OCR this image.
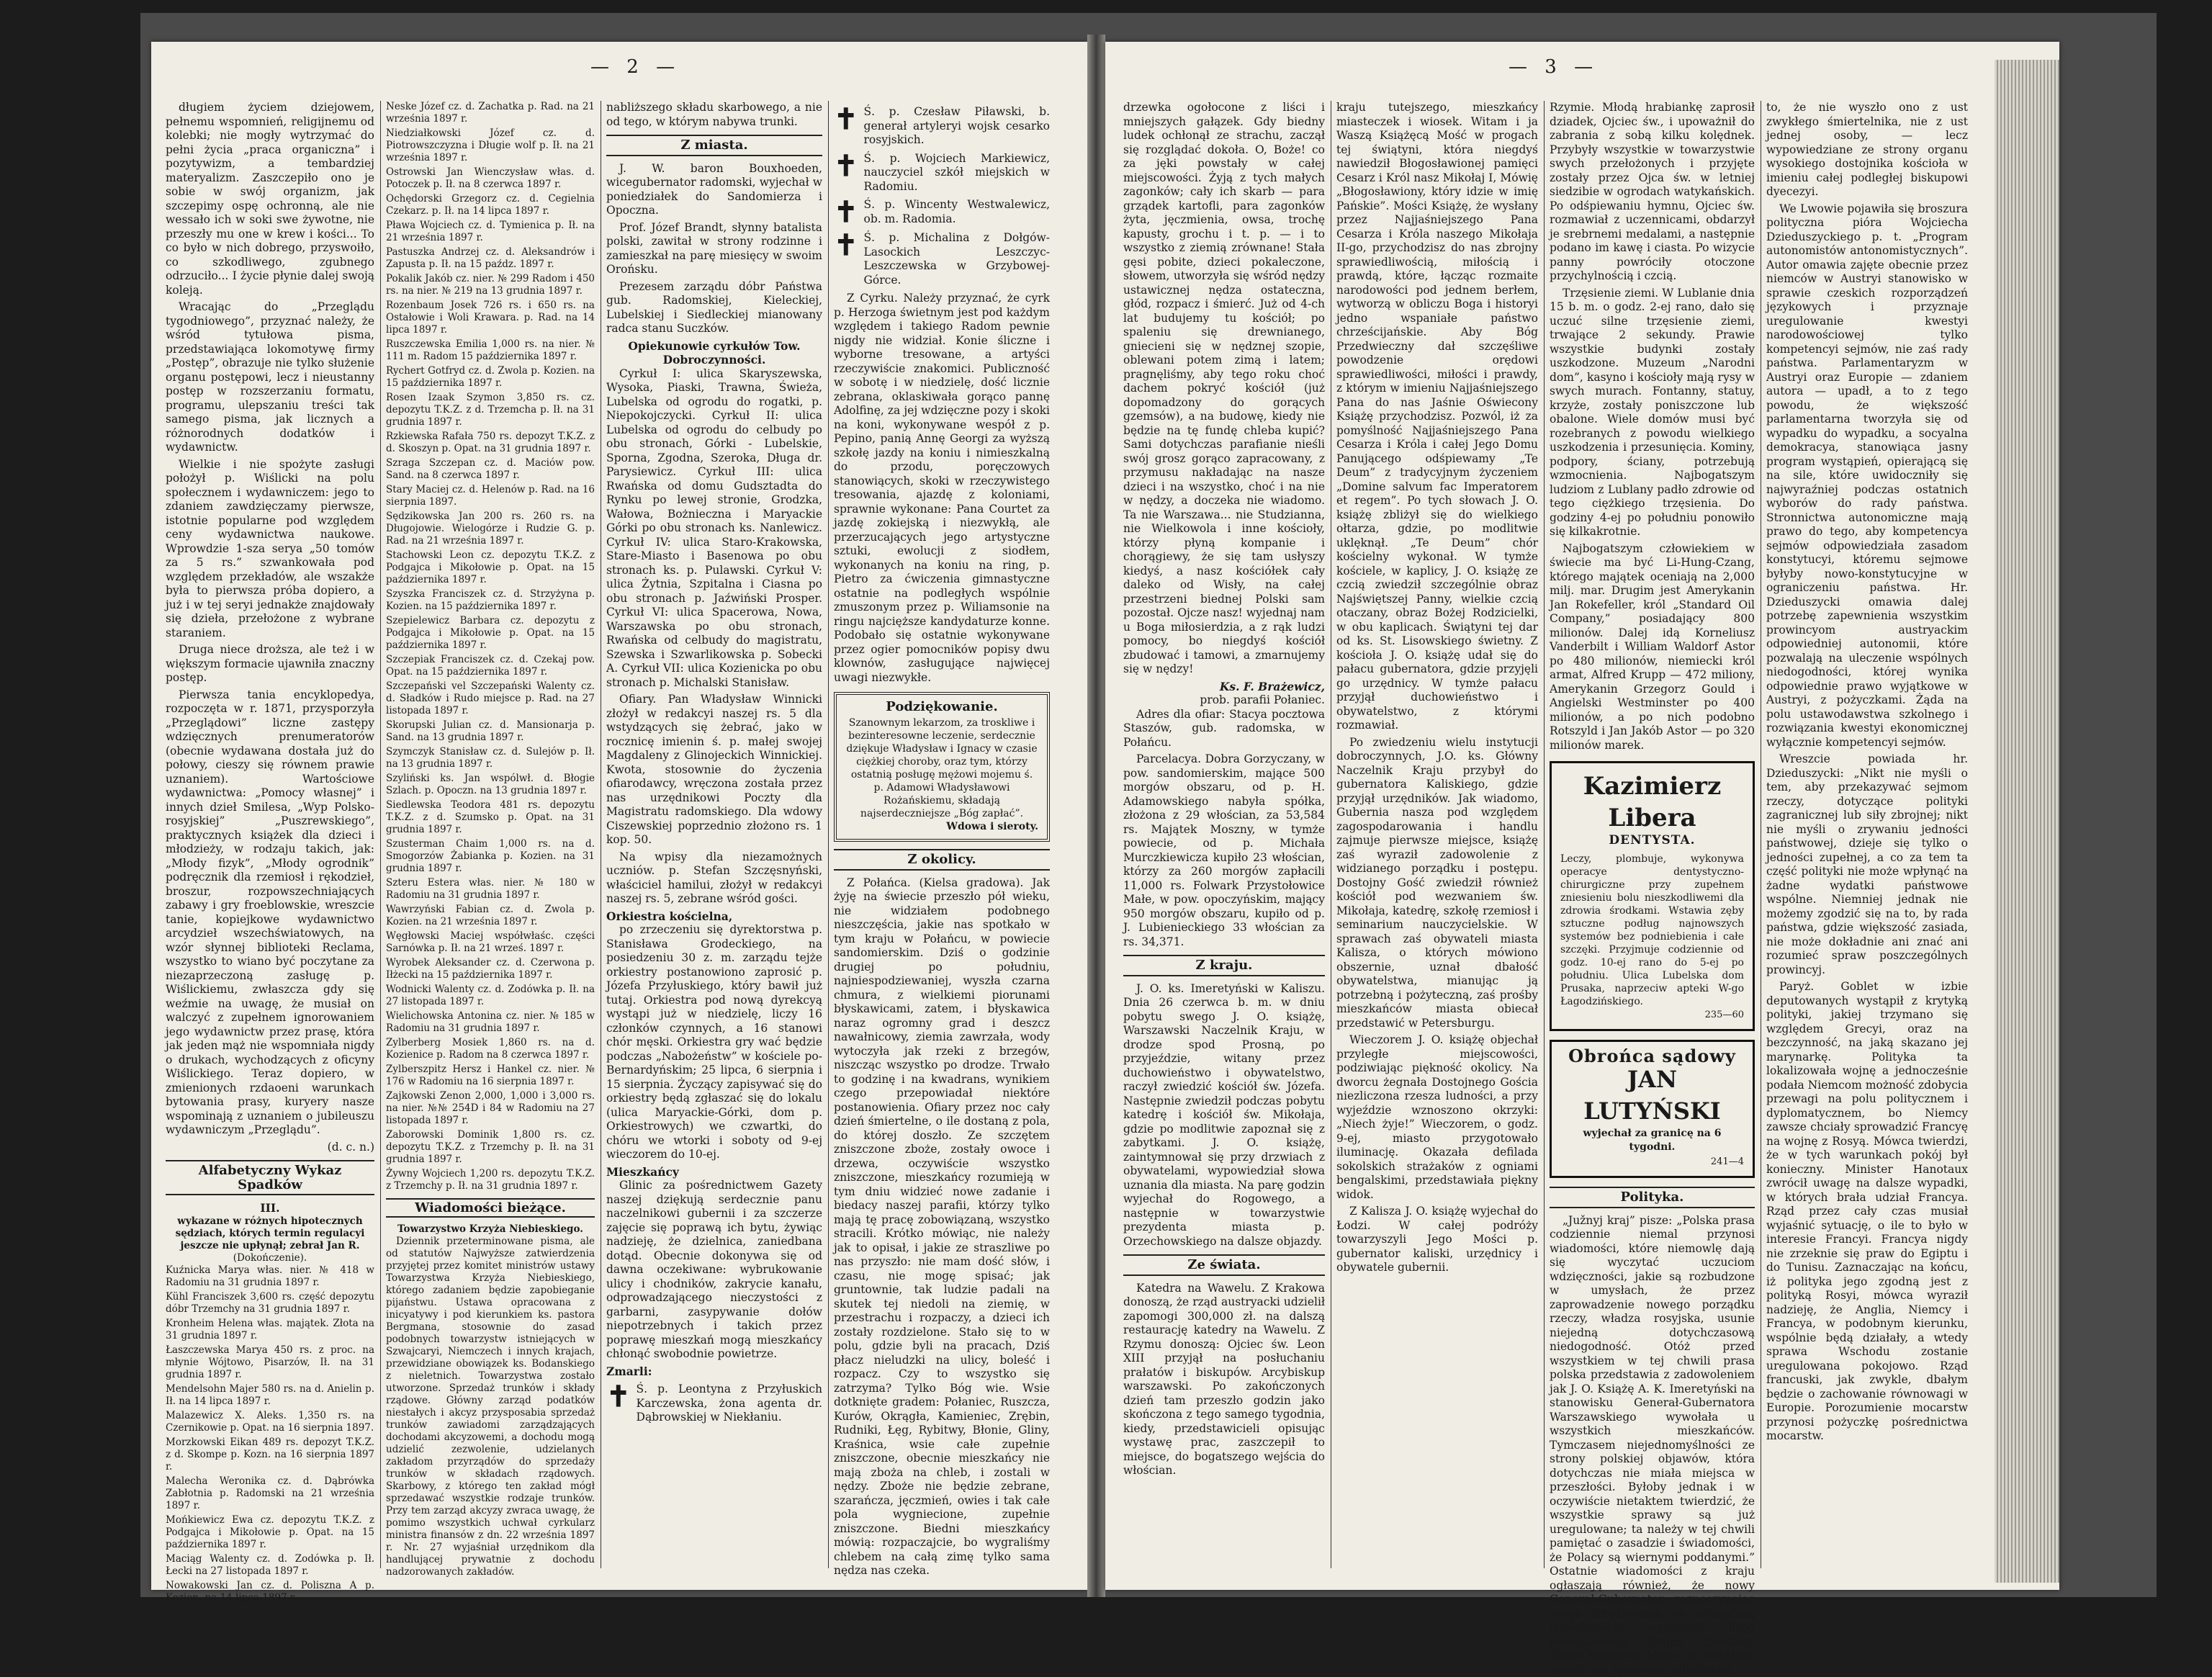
— 2 —

długiem życiem dziejowem, pełnemu wspomnień, religijnemu od kolebki; nie mogły wytrzymać do pełni życia „praca organiczna” i pozytywizm, a tembardziej materyalizm. Zaszczepiło ono je sobie w swój organizm, jak szczepimy ospę ochronną, ale nie wessało ich w soki swe żywotne, nie przeszły mu one w krew i kości... To co było w nich dobrego, przyswoiło, co szkodliwego, zgubnego odrzuciło... I życie płynie dalej swoją koleją.

Wracając do „Przeglądu tygodniowego”, przyznać należy, że wśród tytułowa pisma, przedstawiająca lokomotywę firmy „Postęp”, obrazuje nie tylko służenie organu postępowi, lecz i nieustanny postęp w rozszerzaniu formatu, programu, ulepszaniu treści tak samego pisma, jak licznych a różnorodnych dodatków i wydawnictw.

Wielkie i nie spożyte zasługi położył p. Wiślicki na polu społecznem i wydawniczem: jego to zdaniem zawdzięczamy pierwsze, istotnie popularne pod względem ceny wydawnictwa naukowe. Wprowdzie 1-sza serya „50 tomów za 5 rs.” szwankowała pod względem przekładów, ale wszakże była to pierwsza próba dopiero, a już i w tej seryi jednakże znajdowały się dzieła, przełożone z wybrane staraniem.

Druga niece droższa, ale też i w większym formacie ujawniła znaczny postęp.

Pierwsza tania encyklopedya, rozpoczęta w r. 1871, przysporzyła „Przeglądowi” liczne zastępy wdzięcznych prenumeratorów (obecnie wydawana dostała już do połowy, cieszy się równem prawie uznaniem). Wartościowe wydawnictwa: „Pomocy własnej” i innych dzieł Smilesa, „Wyp Polsko-rosyjskiej” „Puszrewskiego”, praktycznych książek dla dzieci i młodzieży, w rodzaju takich, jak: „Młody fizyk”, „Młody ogrodnik” podręcznik dla rzemiosł i rękodzieł, broszur, rozpowszechniających zabawy i gry froeblowskie, wreszcie tanie, kopiejkowe wydawnictwo arcydzieł wszechświatowych, na wzór słynnej biblioteki Reclama, wszystko to wiano być poczytane za niezaprzeczoną zasługę p. Wiślickiemu, zwłaszcza gdy się weźmie na uwagę, że musiał on walczyć z zupełnem ignorowaniem jego wydawnictw przez prasę, która jak jeden mąż nie wspomniała nigdy o drukach, wychodzących z oficyny Wiślickiego. Teraz dopiero, w zmienionych rzdaoeni warunkach bytowania prasy, kuryery nasze wspominają z uznaniem o jubileuszu wydawniczym „Przeglądu”.

(d. c. n.)
Alfabetyczny Wykaz Spadków
III.
wykazane w różnych hipotecznych sędziach, których termin regulacyi jeszcze nie upłynął; zebrał Jan R.
(Dokończenie).

Kuźnicka Marya włas. nier. № 418 w Radomiu na 31 grudnia 1897 r.

Kühl Franciszek 3,600 rs. część depozytu dóbr Trzemchy na 31 grudnia 1897 r.

Kronheim Helena włas. majątek. Złota na 31 grudnia 1897 r.

Łaszczewska Marya 450 rs. z proc. na młynie Wójtowo, Pisarzów, Ił. na 31 grudnia 1897 r.

Mendelsohn Majer 580 rs. na d. Anielin p. Ił. na 14 lipca 1897 r.

Malazewicz X. Aleks. 1,350 rs. na Czernikowie p. Opat. na 16 sierpnia 1897.

Morzkowski Eikan 489 rs. depozyt T.K.Z. z d. Skompe p. Kozn. na 16 sierpnia 1897 r.

Malecha Weronika cz. d. Dąbrówka Zabłotnia p. Radomski na 21 września 1897 r.

Mońkiewicz Ewa cz. depozytu T.K.Z. z Podgajca i Mikołowie p. Opat. na 15 października 1897 r.

Maciąg Walenty cz. d. Zodówka p. Ił. Łecki na 27 listopada 1897 r.

Nowakowski Jan cz. d. Poliszna A p. Kozien. na 14 lipca 1897 r.

Neske Józef cz. d. Zachatka p. Rad. na 21 września 1897 r.

Niedziałkowski Józef cz. d. Piotrowszczyzna i Długie wolf p. Ił. na 21 września 1897 r.

Ostrowski Jan Wienczysław włas. d. Potoczek p. Ił. na 8 czerwca 1897 r.

Ochędorski Grzegorz cz. d. Cegielnia Czekarz. p. Ił. na 14 lipca 1897 r.

Pława Wojciech cz. d. Tymienica p. Ił. na 21 września 1897 r.

Pastuszka Andrzej cz. d. Aleksandrów i Zapusta p. Ił. na 15 paźdz. 1897 r.

Pokalik Jakób cz. nier. № 299 Radom i 450 rs. na nier. № 219 na 13 grudnia 1897 r.

Rozenbaum Josek 726 rs. i 650 rs. na Ostałowie i Woli Krawara. p. Rad. na 14 lipca 1897 r.

Ruszczewska Emilia 1,000 rs. na nier. № 111 m. Radom 15 października 1897 r.

Rychert Gotfryd cz. d. Zwola p. Kozien. na 15 października 1897 r.

Rosen Izaak Szymon 3,850 rs. cz. depozytu T.K.Z. z d. Trzemcha p. Ił. na 31 grudnia 1897 r.

Rzkiewska Rafała 750 rs. depozyt T.K.Z. z d. Skoszyn p. Opat. na 31 grudnia 1897 r.

Szraga Szczepan cz. d. Maciów pow. Sand. na 8 czerwca 1897 r.

Stary Maciej cz. d. Helenów p. Rad. na 16 sierpnia 1897.

Sędzikowska Jan 200 rs. 260 rs. na Długojowie. Wielogórze i Rudzie G. p. Rad. na 21 września 1897 r.

Stachowski Leon cz. depozytu T.K.Z. z Podgajca i Mikołowie p. Opat. na 15 października 1897 r.

Szyszka Franciszek cz. d. Strzyżyna p. Kozien. na 15 października 1897 r.

Szepielewicz Barbara cz. depozytu z Podgajca i Mikołowie p. Opat. na 15 października 1897 r.

Szczepiak Franciszek cz. d. Czekaj pow. Opat. na 15 października 1897 r.

Szczepański vel Szczepański Walenty cz. d. Sładków i Rudo miejsce p. Rad. na 27 listopada 1897 r.

Skorupski Julian cz. d. Mansionarja p. Sand. na 13 grudnia 1897 r.

Szymczyk Stanisław cz. d. Sulejów p. Ił. na 13 grudnia 1897 r.

Szyliński ks. Jan wspólwł. d. Błogie Szlach. p. Opoczn. na 13 grudnia 1897 r.

Siedlewska Teodora 481 rs. depozytu T.K.Z. z d. Szumsko p. Opat. na 31 grudnia 1897 r.

Szusterman Chaim 1,000 rs. na d. Smogorzów Żabianka p. Kozien. na 31 grudnia 1897 r.

Szteru Estera włas. nier. № 180 w Radomiu na 31 grudnia 1897 r.

Wawrzyński Fabian cz. d. Zwola p. Kozien. na 21 września 1897 r.

Węgłowski Maciej współwłaśc. części Sarnówka p. Ił. na 21 wrześ. 1897 r.

Wyrobek Aleksander cz. d. Czerwona p. Iłżecki na 15 października 1897 r.

Wodnicki Walenty cz. d. Zodówka p. Ił. na 27 listopada 1897 r.

Wielichowska Antonina cz. nier. № 185 w Radomiu na 31 grudnia 1897 r.

Zylberberg Mosiek 1,860 rs. na d. Kozienice p. Radom na 8 czerwca 1897 r.

Zylberszpitz Hersz i Hankel cz. nier. № 176 w Radomiu na 16 sierpnia 1897 r.

Zajkowski Zenon 2,000, 1,000 i 3,000 rs. na nier. №№ 254D i 84 w Radomiu na 27 listopada 1897 r.

Zaborowski Dominik 1,800 rs. cz. depozytu T.K.Z. z Trzemchy p. Ił. na 31 grudnia 1897 r.

Żywny Wojciech 1,200 rs. depozytu T.K.Z. z Trzemchy p. Ił. na 31 grudnia 1897 r.

Wiadomości bieżące.
Towarzystwo Krzyża Niebieskiego.

Dziennik przeterminowane pisma, ale od statutów Najwyższe zatwierdzenia przyjętej przez komitet ministrów ustawy Towarzystwa Krzyża Niebieskiego, którego zadaniem będzie zapobieganie pijaństwu. Ustawa opracowana z inicyatywy i pod kierunkiem ks. pastora Bergmana, stosownie do zasad podobnych towarzystw istniejących w Szwajcaryi, Niemczech i innych krajach, przewidziane obowiązek ks. Bodanskiego z nieletnich. Towarzystwa zostało utworzone. Sprzedaż trunków i składy rządowe. Główny zarząd podatków niestałych i akcyz przysposabia sprzedaż trunków zawiadomi zarządzających dochodami akcyzowemi, a dochodu mogą udzielić zezwolenie, udzielanych zakładom przyrządów do sprzedaży trunków w składach rządowych. Skarbowy, z którego ten zakład mógł sprzedawać wszystkie rodzaje trunków. Przy tem zarząd akcyzy zwraca uwagę, że pomimo wszystkich uchwał cyrkularz ministra finansów z dn. 22 września 1897 r. Nr. 27 wyjaśniał urzędnikom dla handlującej prywatnie z dochodu nadzorowanych zakładów.

nabliższego składu skarbowego, a nie od tego, w którym nabywa trunki.

Z miasta.

J. W. baron Bouxhoeden, wicegubernator radomski, wyjechał w poniedziałek do Sandomierza i Opoczna.

Prof. Józef Brandt, słynny batalista polski, zawitał w strony rodzinne i zamieszkał na parę miesięcy w swoim Orońsku.

Prezesem zarządu dóbr Państwa gub. Radomskiej, Kieleckiej, Lubelskiej i Siedleckiej mianowany radca stanu Suczków.

Opiekunowie cyrkułów Tow. Dobroczynności.

Cyrkuł I: ulica Skaryszewska, Wysoka, Piaski, Trawna, Świeża, Lubelska od ogrodu do rogatki, p. Niepokojczycki. Cyrkuł II: ulica Lubelska od ogrodu do celbudy po obu stronach, Górki - Lubelskie, Sporna, Zgodna, Szeroka, Długa dr. Parysiewicz. Cyrkuł III: ulica Rwańska od domu Gudsztadta do Rynku po lewej stronie, Grodzka, Wałowa, Bożnieczna i Maryackie Górki po obu stronach ks. Nanlewicz. Cyrkuł IV: ulica Staro-Krakowska, Stare-Miasto i Basenowa po obu stronach ks. p. Pulawski. Cyrkuł V: ulica Żytnia, Szpitalna i Ciasna po obu stronach p. Jaźwiński Prosper. Cyrkuł VI: ulica Spacerowa, Nowa, Warszawska po obu stronach, Rwańska od celbudy do magistratu, Szewska i Szwarlikowska p. Sobecki A. Cyrkuł VII: ulica Kozienicka po obu stronach p. Michalski Stanisław.

Ofiary. Pan Władysław Winnicki złożył w redakcyi naszej rs. 5 dla wstydzących się żebrać, jako w rocznicę imienin ś. p. małej swojej Magdaleny z Glinojeckich Winnickiej. Kwota, stosownie do życzenia ofiarodawcy, wręczona została przez nas urzędnikowi Poczty dla Magistratu radomskiego. Dla wdowy Ciszewskiej poprzednio złożono rs. 1 kop. 50.

Na wpisy dla niezamożnych uczniów. p. Stefan Szczęsnyński, właściciel hamilui, złożył w redakcyi naszej rs. 5, zebrane wśród gości.

Orkiestra kościelna,

po zrzeczeniu się dyrektorstwa p. Stanisława Grodeckiego, na posiedzeniu 30 z. m. zarządu tejże orkiestry postanowiono zaprosić p. Józefa Przyłuskiego, który bawił już tutaj. Orkiestra pod nową dyrekcyą wystąpi już w niedzielę, liczy 16 członków czynnych, a 16 stanowi chór męski. Orkiestra gry wać będzie podczas „Nabożeństw” w kościele po-Bernardyńskim; 25 lipca, 6 sierpnia i 15 sierpnia. Życzący zapisywać się do orkiestry będą zgłaszać się do lokalu (ulica Maryackie-Górki, dom p. Orkiestrowych) we czwartki, do chóru we wtorki i soboty od 9-ej wieczorem do 10-ej.

Mieszkańcy

Glinic za pośrednictwem Gazety naszej dziękują serdecznie panu naczelnikowi gubernii i za szczerze zajęcie się poprawą ich bytu, żywiąc nadzieję, że dzielnica, zaniedbana dotąd. Obecnie dokonywa się od dawna oczekiwane: wybrukowanie ulicy i chodników, zakrycie kanału, odprowadzającego nieczystości z garbarni, zasypywanie dołów niepotrzebnych i takich przez poprawę mieszkań mogą mieszkańcy chłonąć swobodnie powietrze.

Zmarli:
✝ Ś. p. Leontyna z Przyłuskich Karczewska, żona agenta dr. Dąbrowskiej w Niekłaniu.
✝ Ś. p. Czesław Piławski, b. generał artyleryi wojsk cesarko rosyjskich.
✝ Ś. p. Wojciech Markiewicz, nauczyciel szkół miejskich w Radomiu.
✝ Ś. p. Wincenty Westwalewicz, ob. m. Radomia.
✝ Ś. p. Michalina z Dołgów-Lasockich Leszczyc-Leszczewska w Grzybowej-Górce.

Z Cyrku. Należy przyznać, że cyrk p. Herzoga świetnym jest pod każdym względem i takiego Radom pewnie nigdy nie widział. Konie śliczne i wyborne tresowane, a artyści rzeczywiście znakomici. Publiczność w sobotę i w niedzielę, dość licznie zebrana, oklaskiwała gorąco pannę Adolfinę, za jej wdzięczne pozy i skoki na koni, wykonywane wespół z p. Pepino, panią Annę Georgi za wyższą szkołę jazdy na koniu i nimieszkalną do przodu, poręczowych stanowiących, skoki w rzeczywistego tresowania, ajazdę z koloniami, sprawnie wykonane: Pana Courtet za jazdę zokiejską i niezwykłą, ale przerzucających jego artystyczne sztuki, ewolucji z siodłem, wykonanych na koniu na ring, p. Pietro za ćwiczenia gimnastyczne ostatnie na podległych wspólnie zmuszonym przez p. Wiliamsonie na ringu najcięższe kandydaturze konne. Podobało się ostatnie wykonywane przez ogier pomocników popisy dwu klownów, zasługujące najwięcej uwagi niezwykłe.

Podziękowanie.
Szanownym lekarzom, za troskliwe i bezinteresowne leczenie, serdecznie dziękuje Władysław i Ignacy w czasie ciężkiej choroby, oraz tym, którzy ostatnią posługę mężowi mojemu ś. p. Adamowi Władysławowi Rożańskiemu, składają najserdeczniejsze „Bóg zapłać”.
Wdowa i sieroty.
Z okolicy.

Z Połańca. (Kielsa gradowa). Jak żyję na świecie przeszło pół wieku, nie widziałem podobnego nieszczęścia, jakie nas spotkało w tym kraju w Połańcu, w powiecie sandomierskim. Dziś o godzinie drugiej po południu, najniespodziewaniej, wyszła czarna chmura, z wielkiemi piorunami błyskawicami, zatem, i błyskawica naraz ogromny grad i deszcz nawałnicowy, ziemia zawrzała, wody wytoczyła jak rzeki z brzegów, niszcząc wszystko po drodze. Trwało to godzinę i na kwadrans, wynikiem czego przepowiadał niektóre postanowienia. Ofiary przez noc cały dzień śmiertelne, o ile dostaną z pola, do której doszło. Ze szczętem zniszczone zboże, zostały owoce i drzewa, oczywiście wszystko zniszczone, mieszkańcy rozumieją w tym dniu widzieć nowe zadanie i biedacy naszej parafii, którzy tylko mają tę pracę zobowiązaną, wszystko stracili. Krótko mówiąc, nie należy jak to opisał, i jakie ze straszliwe po nas przyszło: nie mam dość słów, i czasu, nie mogę spisać; jak gruntownie, tak ludzie padali na skutek tej niedoli na ziemię, w przestrachu i rozpaczy, a dzieci ich zostały rozdzielone. Stało się to w polu, gdzie byli na pracach, Dziś płacz nieludzki na ulicy, boleść i rozpacz. Czy to wszystko się zatrzyma? Tylko Bóg wie. Wsie dotknięte gradem: Połaniec, Ruszcza, Kurów, Okrągła, Kamieniec, Zrębin, Rudniki, Łęg, Rybitwy, Błonie, Gliny, Kraśnica, wsie całe zupełnie zniszczone, obecnie mieszkańcy nie mają zboża na chleb, i zostali w nędzy. Zboże nie będzie zebrane, szarańcza, jęczmień, owies i tak całe pola wygniecione, zupełnie zniszczone. Biedni mieszkańcy mówią: rozpaczajcie, bo wygraliśmy chlebem na całą zimę tylko sama nędza nas czeka.

— 3 —

drzewka ogołocone z liści i mniejszych gałązek. Gdy biedny ludek ochłonął ze strachu, zaczął się rozglądać dokoła. O, Boże! co za jęki powstały w całej miejscowości. Żyją z tych małych zagonków; cały ich skarb — para grządek kartofli, para zagonków żyta, jęczmienia, owsa, trochę kapusty, grochu i t. p. — i to wszystko z ziemią zrównane! Stała gęsi pobite, dzieci pokaleczone, słowem, utworzyła się wśród nędzy ustawicznej nędza ostateczna, głód, rozpacz i śmierć. Już od 4-ch lat budujemy tu kościół; po spaleniu się drewnianego, gniecieni się w nędznej szopie, oblewani potem zimą i latem; pragnęliśmy, aby tego roku choć dachem pokryć kościół (już dopomadzony do gorących gzemsów), a na budowę, kiedy nie będzie na tę fundę chleba kupić? Sami dotychczas parafianie nieśli swój grosz gorąco zapracowany, z przymusu nakładając na nasze dzieci i na wszystko, choć i na nie w nędzy, a doczeka nie wiadomo. Ta nie Warszawa... nie Studzianna, nie Wielkowola i inne kościoły, którzy płyną kompanie i chorągiewy, że się tam usłyszy kiedyś, a nasz kościółek cały daleko od Wisły, na całej przestrzeni biednej Polski sam pozostał. Ojcze nasz! wyjednaj nam u Boga miłosierdzia, a z rąk ludzi pomocy, bo niegdyś kościół zbudować i tamowi, a zmarnujemy się w nędzy!

Ks. F. Brażewicz,
prob. parafii Połaniec.

Adres dla ofiar: Stacya pocztowa Staszów, gub. radomska, w Połańcu.

Parcelacya. Dobra Gorzyczany, w pow. sandomierskim, mające 500 morgów obszaru, od p. H. Adamowskiego nabyła spółka, złożona z 29 włościan, za 53,584 rs. Majątek Moszny, w tymże powiecie, od p. Michała Murczkiewicza kupiło 23 włościan, którzy za 260 morgów zapłacili 11,000 rs. Folwark Przystołowice Małe, w pow. opoczyńskim, mający 950 morgów obszaru, kupiło od p. J. Lubienieckiego 33 włościan za rs. 34,371.

Z kraju.

J. O. ks. Imeretyński w Kaliszu. Dnia 26 czerwca b. m. w dniu pobytu swego J. O. książę, Warszawski Naczelnik Kraju, w drodze spod Prosną, po przyjeździe, witany przez duchowieństwo i obywatelstwo, raczył zwiedzić kościół św. Józefa. Następnie zwiedził podczas pobytu katedrę i kościół św. Mikołaja, gdzie po modlitwie zapoznał się z zabytkami. J. O. książę, zaintymnował się przy drzwiach z obywatelami, wypowiedział słowa uznania dla miasta. Na parę godzin wyjechał do Rogowego, a następnie w towarzystwie prezydenta miasta p. Orzechowskiego na dalsze objazdy.

Ze świata.

Katedra na Wawelu. Z Krakowa donoszą, że rząd austryacki udzielił zapomogi 300,000 zł. na dalszą restaurację katedry na Wawelu. Z Rzymu donoszą: Ojciec św. Leon XIII przyjął na posłuchaniu prałatów i biskupów. Arcybiskup warszawski. Po zakończonych dzień tam przeszło godzin jako skończona z tego samego tygodnia, kiedy, przedstawicieli opisując wystawę prac, zaszczepił to miejsce, do bogatszego wejścia do włościan.

kraju tutejszego, mieszkańcy miasteczek i wiosek. Witam i ja Waszą Książęcą Mość w progach tej świątyni, która niegdyś nawiedził Błogosławionej pamięci Cesarz i Król nasz Mikołaj I, Mówię „Błogosławiony, który idzie w imię Pańskie”. Mości Książę, że wysłany przez Najjaśniejszego Pana Cesarza i Króla naszego Mikołaja II-go, przychodzisz do nas zbrojny sprawiedliwością, miłością i prawdą, które, łącząc rozmaite narodowości pod jednem berłem, wytworzą w obliczu Boga i historyi jedno wspaniałe państwo chrześcijańskie. Aby Bóg Przedwieczny dał szczęśliwe powodzenie orędowi sprawiedliwości, miłości i prawdy, z którym w imieniu Najjaśniejszego Pana do nas Jaśnie Oświecony Książę przychodzisz. Pozwól, iż za pomyślność Najjaśniejszego Pana Cesarza i Króla i całej Jego Domu Panującego odśpiewamy „Te Deum” z tradycyjnym życzeniem „Domine salvum fac Imperatorem et regem”. Po tych słowach J. O. książę zbliżył się do wielkiego ołtarza, gdzie, po modlitwie uklęknął. „Te Deum” chór kościelny wykonał. W tymże kościele, w kaplicy, J. O. książę ze czcią zwiedził szczególnie obraz Najświętszej Panny, wielkie czcią otaczany, obraz Bożej Rodzicielki, w obu kaplicach. Świątyni tej dar od ks. St. Lisowskiego świetny. Z kościoła J. O. książę udał się do pałacu gubernatora, gdzie przyjęli go urzędnicy. W tymże pałacu przyjął duchowieństwo i obywatelstwo, z którymi rozmawiał.

Po zwiedzeniu wielu instytucji dobroczynnych, J.O. ks. Główny Naczelnik Kraju przybył do gubernatora Kaliskiego, gdzie przyjął urzędników. Jak wiadomo, Gubernia nasza pod względem zagospodarowania i handlu zajmuje pierwsze miejsce, książę zaś wyraził zadowolenie z widzianego porządku i postępu. Dostojny Gość zwiedził również kościół pod wezwaniem św. Mikołaja, katedrę, szkołę rzemiosł i seminarium nauczycielskie. W sprawach zaś obywateli miasta Kalisza, o których mówiono obszernie, uznał dbałość obywatelstwa, mianując ją potrzebną i pożyteczną, zaś prośby mieszkańców miasta obiecał przedstawić w Petersburgu.

Wieczorem J. O. książę objechał przyległe miejscowości, podziwiając piękność okolicy. Na dworcu żegnała Dostojnego Gościa niezliczona rzesza ludności, a przy wyjeździe wznoszono okrzyki: „Niech żyje!” Wieczorem, o godz. 9-ej, miasto przygotowało iluminację. Okazała defilada sokolskich strażaków z ogniami bengalskimi, przedstawiała piękny widok.

Z Kalisza J. O. książę wyjechał do Łodzi. W całej podróży towarzyszyli Jego Mości p. gubernator kaliski, urzędnicy i obywatele gubernii.

Rzymie. Młodą hrabiankę zaprosił dziadek, Ojciec św., i upoważnił do zabrania z sobą kilku kolędnek. Przybyły wszystkie w towarzystwie swych przełożonych i przyjęte zostały przez Ojca św. w letniej siedzibie w ogrodach watykańskich. Po odśpiewaniu hymnu, Ojciec św. rozmawiał z uczennicami, obdarzył je srebrnemi medalami, a następnie podano im kawę i ciasta. Po wizycie panny powróciły otoczone przychylnością i czcią.

Trzęsienie ziemi. W Lublanie dnia 15 b. m. o godz. 2-ej rano, dało się uczuć silne trzęsienie ziemi, trwające 2 sekundy. Prawie wszystkie budynki zostały uszkodzone. Muzeum „Narodni dom”, kasyno i kościoły mają rysy w swych murach. Fontanny, statuy, krzyże, zostały poniszczone lub obalone. Wiele domów musi być rozebranych z powodu wielkiego uszkodzenia i przesunięcia. Kominy, podpory, ściany, potrzebują wzmocnienia. Najbogatszym ludziom z Lublany padło zdrowie od tego ciężkiego trzęsienia. Do godziny 4-ej po południu ponowiło się kilkakrotnie.

Najbogatszym człowiekiem w świecie ma być Li-Hung-Czang, którego majątek oceniają na 2,000 milj. mar. Drugim jest Amerykanin Jan Rokefeller, król „Standard Oil Company,” posiadający 800 milionów. Dalej idą Korneliusz Vanderbilt i William Waldorf Astor po 480 milionów, niemiecki król armat, Alfred Krupp — 472 miliony, Amerykanin Grzegorz Gould i Angielski Westminster po 400 milionów, a po nich podobno Rotszyld i Jan Jakób Astor — po 320 milionów marek.

Kazimierz Libera
DENTYSTA.
Leczy, plombuje, wykonywa operacye dentystyczno-chirurgiczne przy zupełnem zniesieniu bolu nieszkodliwemi dla zdrowia środkami. Wstawia zęby sztuczne podług najnowszych systemów bez podniebienia i całe szczęki. Przyjmuje codziennie od godz. 10-ej rano do 5-ej po południu. Ulica Lubelska dom Prusaka, naprzeciw apteki W-go Łagodzińskiego.
235—60
Obrońca sądowy
JAN LUTYŃSKI
wyjechał za granicę na 6 tygodni.
241—4
Polityka.

„Južnyj kraj” pisze: „Polska prasa codziennie niemal przynosi wiadomości, które niemowlę dają się wyczytać uczuciom wdzięczności, jakie są rozbudzone w umysłach, że przez zaprowadzenie nowego porządku rzeczy, władza rosyjska, usunie niejedną dotychczasową niedogodność. Otóż przed wszystkiem w tej chwili prasa polska przedstawia z zadowoleniem jak J. O. Książę A. K. Imeretyński na stanowisku Generał-Gubernatora Warszawskiego wywołała u wszystkich mieszkańców. Tymczasem niejednomyślności ze strony polskiej objawów, która dotychczas nie miała miejsca w przeszłości. Byłoby jednak i w oczywiście nietaktem twierdzić, że wszystkie sprawy są już uregulowane; ta należy w tej chwili pamiętać o zasadzie i świadomości, że Polacy są wiernymi poddanymi.” Ostatnie wiadomości z kraju ogłaszają również, że nowy Generał-Gubernator, rozpoczynając swoje urzędowanie, ze szczególną troskliwością wyszukuje dróg porozumienia. Organ chwalący dzieło Książęcej Mości za troskliwe zajęcie się sprawami religijnymi.

to, że nie wyszło ono z ust zwykłego śmiertelnika, nie z ust jednej osoby, — lecz wypowiedziane ze strony organu wysokiego dostojnika kościoła w imieniu całej podległej biskupowi dyecezyi.

We Lwowie pojawiła się broszura polityczna pióra Wojciecha Dzieduszyckiego p. t. „Program autonomistów antonomistycznych”. Autor omawia zajęte obecnie przez niemców w Austryi stanowisko w sprawie czeskich rozporządzeń językowych i przyznaje uregulowanie kwestyi narodowościowej tylko kompetencyi sejmów, nie zaś rady państwa. Parlamentaryzm w Austryi oraz Europie — zdaniem autora — upadł, a to z tego powodu, że większość parlamentarna tworzyła się od wypadku do wypadku, a socyalna demokracya, stanowiąca jasny program wystąpień, opierającą się na sile, które uwidoczniły się najwyraźniej podczas ostatnich wyborów do rady państwa. Stronnictwa autonomiczne mają prawo do tego, aby kompetencya sejmów odpowiedziała zasadom konstytucyi, któremu sejmowe byłyby nowo-konstytucyjne w ograniczeniu państwa. Hr. Dzieduszycki omawia dalej potrzebę zapewnienia wszystkim prowincyom austryackim odpowiedniej autonomii, które pozwalają na uleczenie wspólnych niedogodności, której wynika odpowiednie prawo wyjątkowe w Austryi, z pożyczkami. Żąda na polu ustawodawstwa szkolnego i rozwiązania kwestyi ekonomicznej wyłącznie kompetencyi sejmów.

Wreszcie powiada hr. Dzieduszycki: „Nikt nie myśli o tem, aby przekazywać sejmom rzeczy, dotyczące polityki zagranicznej lub siły zbrojnej; nikt nie myśli o zrywaniu jedności państwowej, dzieje się tylko o jedności zupełnej, a co za tem ta część polityki nie może wpłynąć na żadne wydatki państwowe wspólne. Niemniej jednak nie możemy zgodzić się na to, by rada państwa, gdzie większość zasiada, nie może dokładnie ani znać ani rozumieć spraw poszczególnych prowincyj.

Paryż. Goblet w izbie deputowanych wystąpił z krytyką polityki, jakiej trzymano się względem Grecyi, oraz na bezczynność, na jaką skazano jej marynarkę. Polityka ta lokalizowała wojnę a jednocześnie podała Niemcom możność zdobycia przewagi na polu politycznem i dyplomatycznem, bo Niemcy zawsze chciały sprowadzić Francyę na wojnę z Rosyą. Mówca twierdzi, że w tych warunkach pokój był konieczny. Minister Hanotaux zwrócił uwagę na dalsze wypadki, w których brała udział Francya. Rząd przez cały czas musiał wyjaśnić sytuację, o ile to było w interesie Francyi. Francya nigdy nie zrzeknie się praw do Egiptu i do Tunisu. Zaznaczając na końcu, iż polityka jego zgodną jest z polityką Rosyi, mówca wyraził nadzieję, że Anglia, Niemcy i Francya, w podobnym kierunku, wspólnie będą działały, a wtedy sprawa Wschodu zostanie uregulowana pokojowo. Rząd francuski, jak zwykle, dbałym będzie o zachowanie równowagi w Europie. Porozumienie mocarstw przynosi pożyczkę pośrednictwa mocarstw.
